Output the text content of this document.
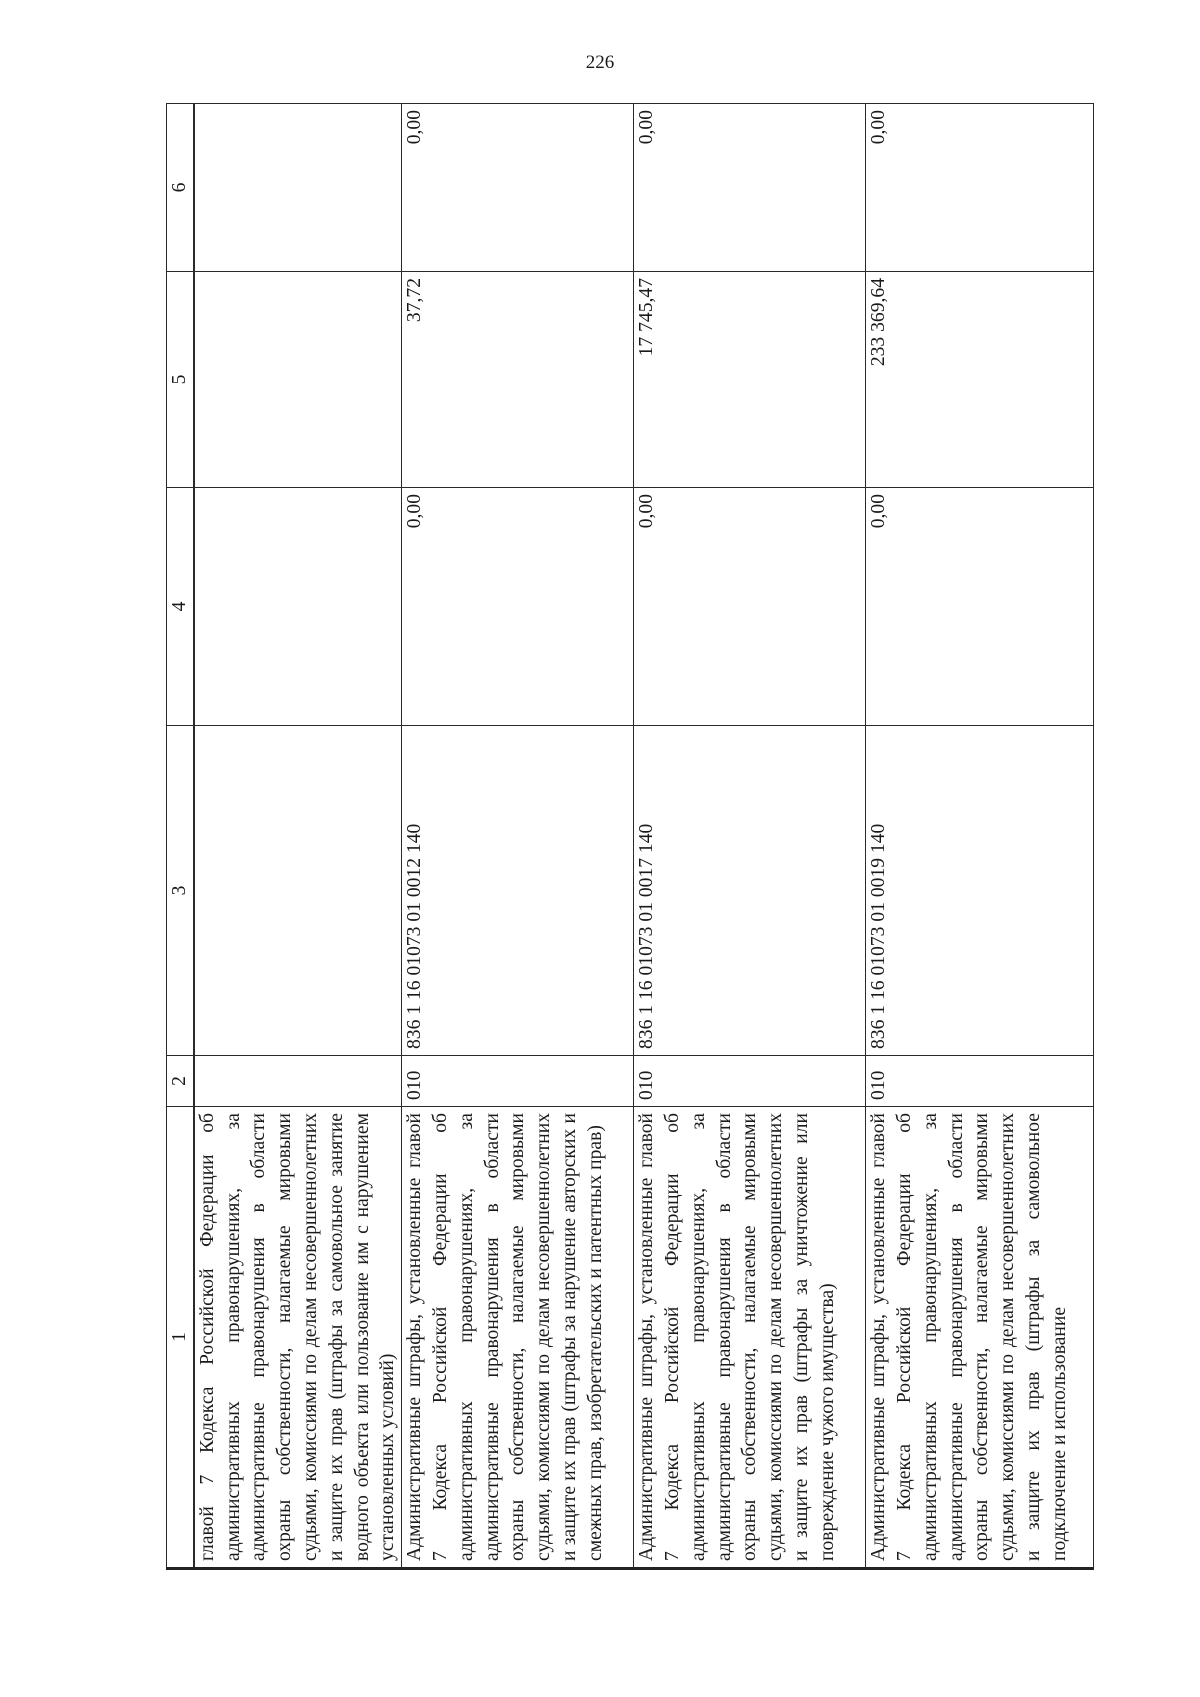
226
1	2	3	4	5	6
главой 7 Кодекса Российской Федерации об административных правонарушениях, за административные правонарушения в области охраны собственности, налагаемые мировыми судьями, комиссиями по делам несовершеннолетних и защите их прав (штрафы за самовольное занятие водного объекта или пользование им с нарушением установленных условий)					
Административные штрафы, установленные главой 7 Кодекса Российской Федерации об административных правонарушениях, за административные правонарушения в области охраны собственности, налагаемые мировыми судьями, комиссиями по делам несовершеннолетних и защите их прав (штрафы за нарушение авторских и смежных прав, изобретательских и патентных прав)	010	836 1 16 01073 01 0012 140	0,00	37,72	0,00
Административные штрафы, установленные главой 7 Кодекса Российской Федерации об административных правонарушениях, за административные правонарушения в области охраны собственности, налагаемые мировыми судьями, комиссиями по делам несовершеннолетних и защите их прав (штрафы за уничтожение или повреждение чужого имущества)	010	836 1 16 01073 01 0017 140	0,00	17 745,47	0,00
Административные штрафы, установленные главой 7 Кодекса Российской Федерации об административных правонарушениях, за административные правонарушения в области охраны собственности, налагаемые мировыми судьями, комиссиями по делам несовершеннолетних и защите их прав (штрафы за самовольное подключение и использование	010	836 1 16 01073 01 0019 140	0,00	233 369,64	0,00
